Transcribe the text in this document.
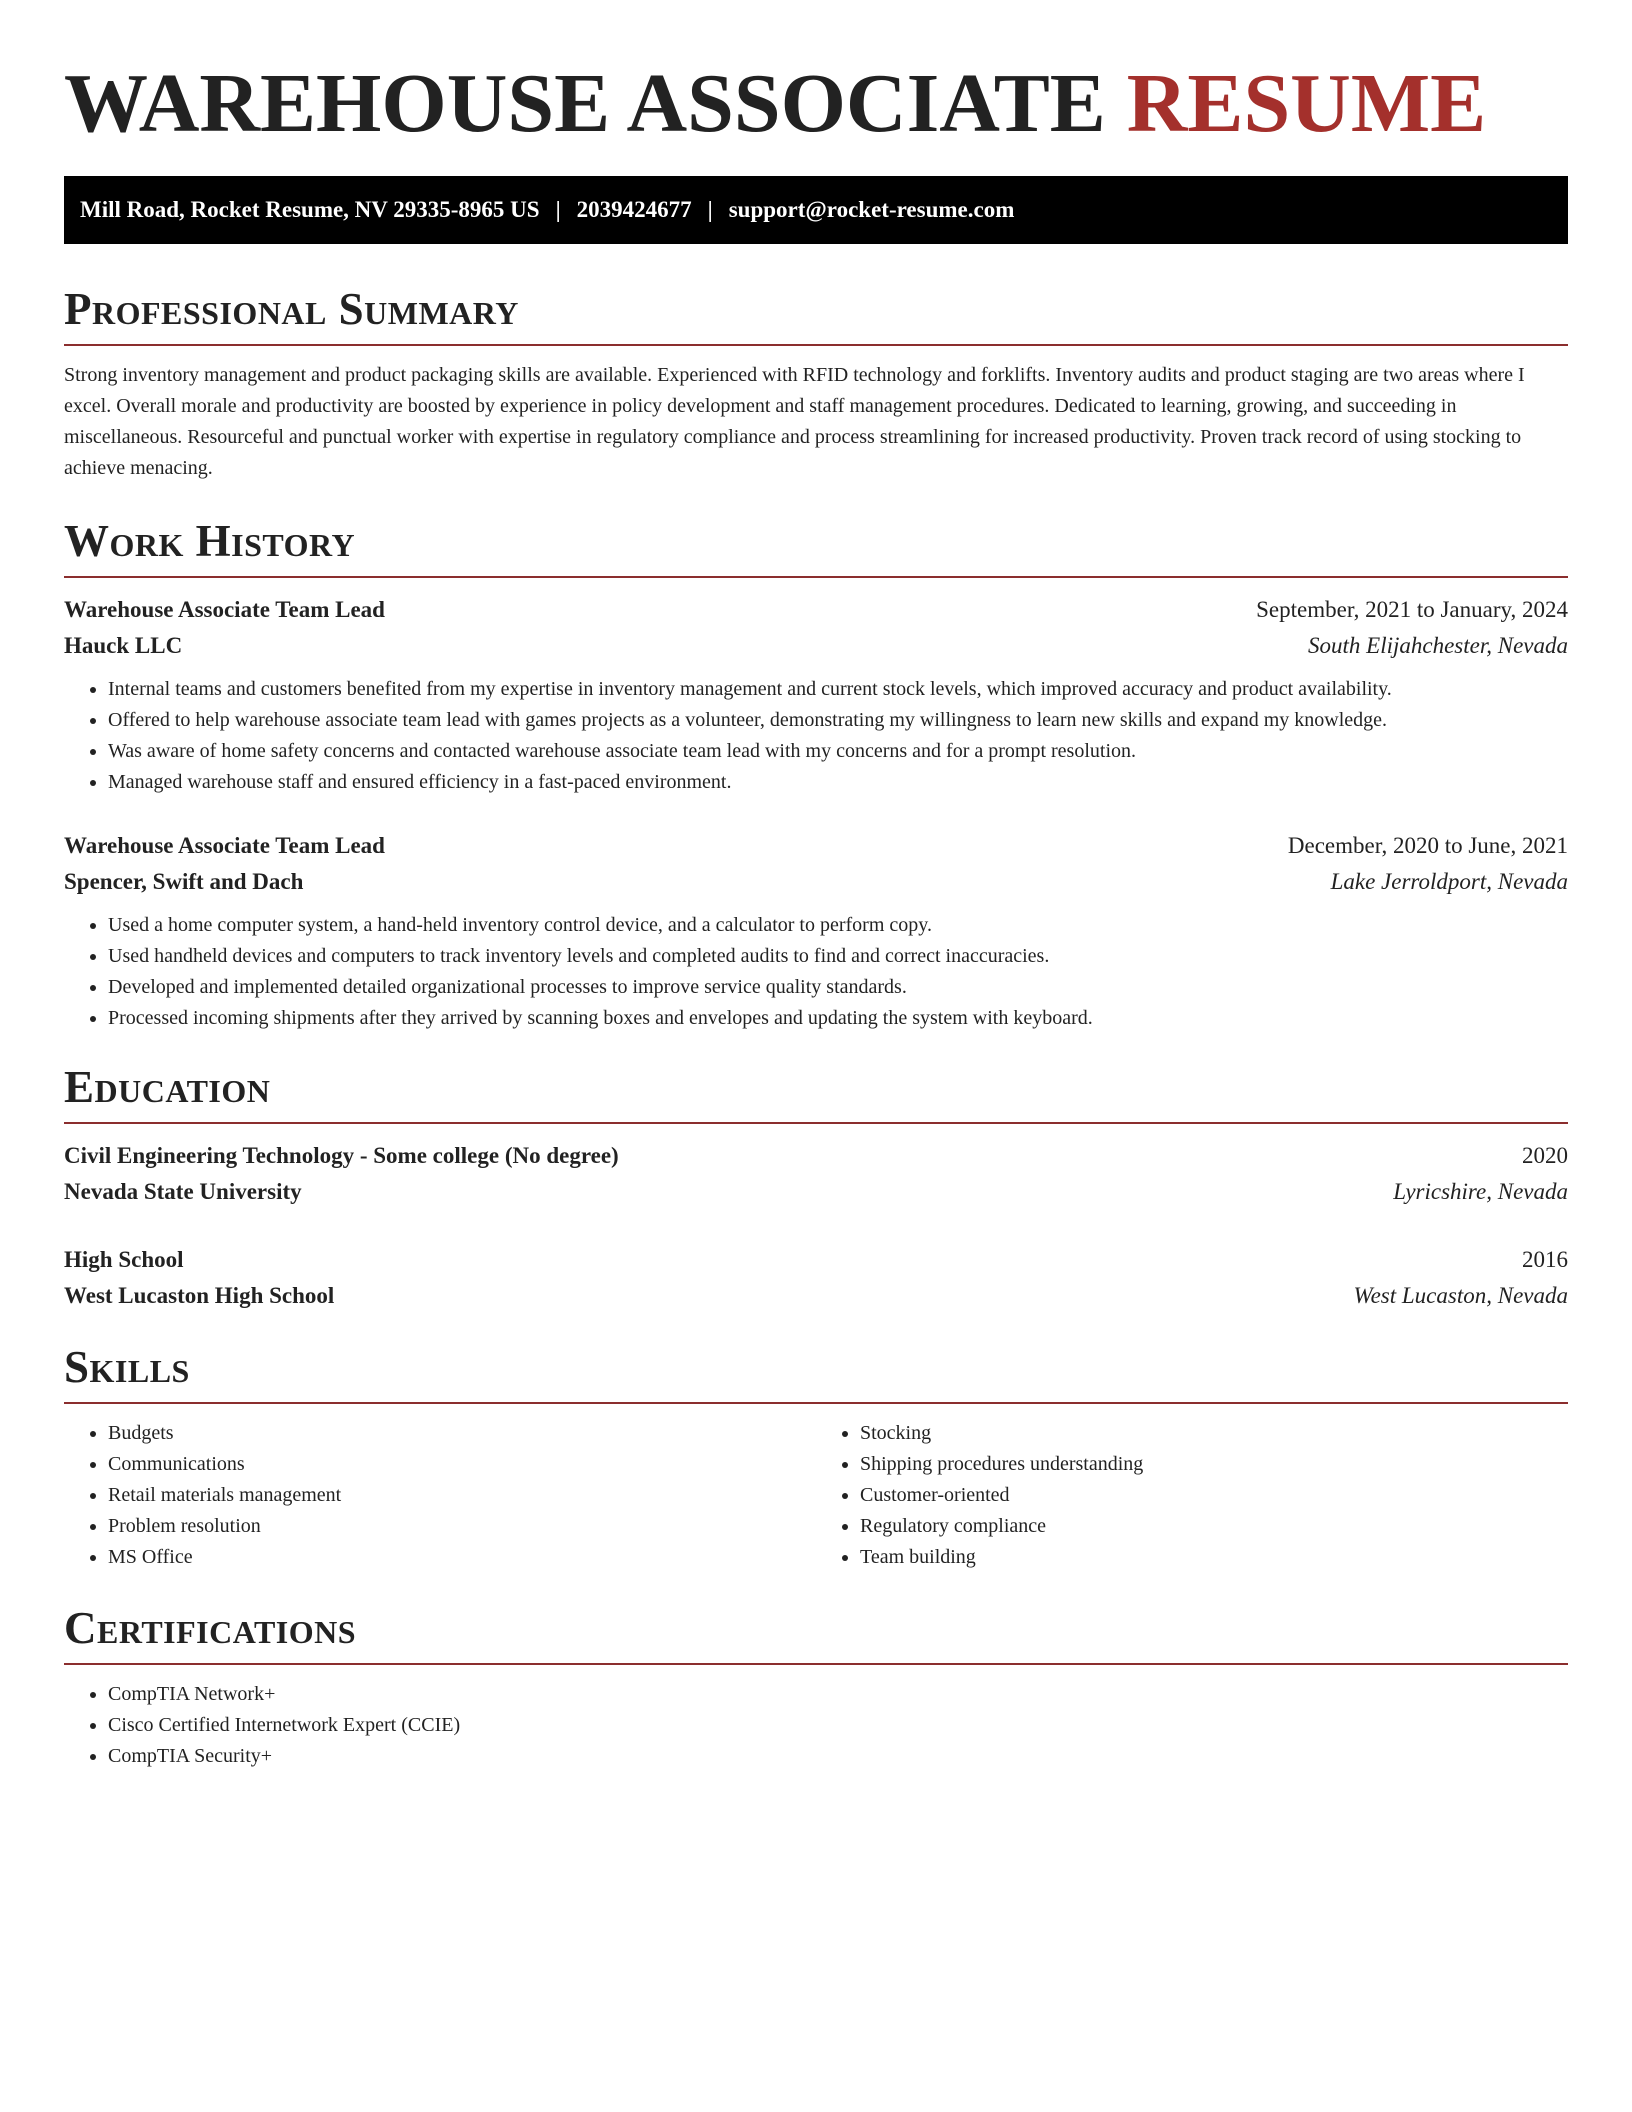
WAREHOUSE ASSOCIATE RESUME
Mill Road, Rocket Resume, NV 29335-8965 US | 2039424677 | support@rocket-resume.com
Professional Summary

Strong inventory management and product packaging skills are available. Experienced with RFID technology and forklifts. Inventory audits and product staging are two areas where I excel. Overall morale and productivity are boosted by experience in policy development and staff management procedures. Dedicated to learning, growing, and succeeding in miscellaneous. Resourceful and punctual worker with expertise in regulatory compliance and process streamlining for increased productivity. Proven track record of using stocking to achieve menacing.

Work History
Warehouse Associate Team Lead	September, 2021 to January, 2024
Hauck LLC	South Elijahchester, Nevada
• Internal teams and customers benefited from my expertise in inventory management and current stock levels, which improved accuracy and product availability.
• Offered to help warehouse associate team lead with games projects as a volunteer, demonstrating my willingness to learn new skills and expand my knowledge.
• Was aware of home safety concerns and contacted warehouse associate team lead with my concerns and for a prompt resolution.
• Managed warehouse staff and ensured efficiency in a fast-paced environment.
Warehouse Associate Team Lead	December, 2020 to June, 2021
Spencer, Swift and Dach	Lake Jerroldport, Nevada
• Used a home computer system, a hand-held inventory control device, and a calculator to perform copy.
• Used handheld devices and computers to track inventory levels and completed audits to find and correct inaccuracies.
• Developed and implemented detailed organizational processes to improve service quality standards.
• Processed incoming shipments after they arrived by scanning boxes and envelopes and updating the system with keyboard.
Education
Civil Engineering Technology - Some college (No degree)	2020
Nevada State University	Lyricshire, Nevada
High School	2016
West Lucaston High School	West Lucaston, Nevada
Skills
• Budgets
• Communications
• Retail materials management
• Problem resolution
• MS Office
• Stocking
• Shipping procedures understanding
• Customer-oriented
• Regulatory compliance
• Team building
Certifications
• CompTIA Network+
• Cisco Certified Internetwork Expert (CCIE)
• CompTIA Security+
